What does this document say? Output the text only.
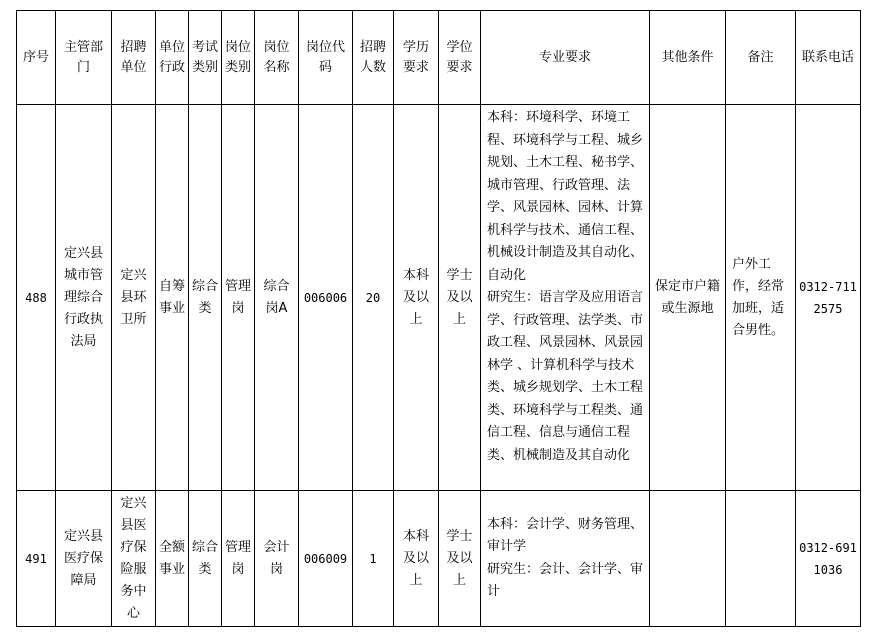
序号	主管部门	招聘单位	单位行政	考试类别	岗位类别	岗位名称	岗位代码	招聘人数	学历要求	学位要求	专业要求	其他条件	备注	联系电话
488	定兴县城市管理综合行政执法局	定兴县环卫所	自筹事业	综合类	管理岗	综合岗A	006006	20	本科及以上	学士及以上	本科：环境科学、环境工程、环境科学与工程、城乡规划、土木工程、秘书学、城市管理、行政管理、法学、风景园林、园林、计算机科学与技术、通信工程、机械设计制造及其自动化、自动化
研究生：语言学及应用语言学、行政管理、法学类、市政工程、风景园林、风景园林学 、计算机科学与技术类、城乡规划学、土木工程类、环境科学与工程类、通信工程、信息与通信工程类、机械制造及其自动化	保定市户籍或生源地	户外工作，经常加班，适合男性。	0312-7112575
491	定兴县医疗保障局	定兴县医疗保险服务中心	全额事业	综合类	管理岗	会计岗	006009	1	本科及以上	学士及以上	本科：会计学、财务管理、审计学
研究生：会计、会计学、审计			0312-6911036
